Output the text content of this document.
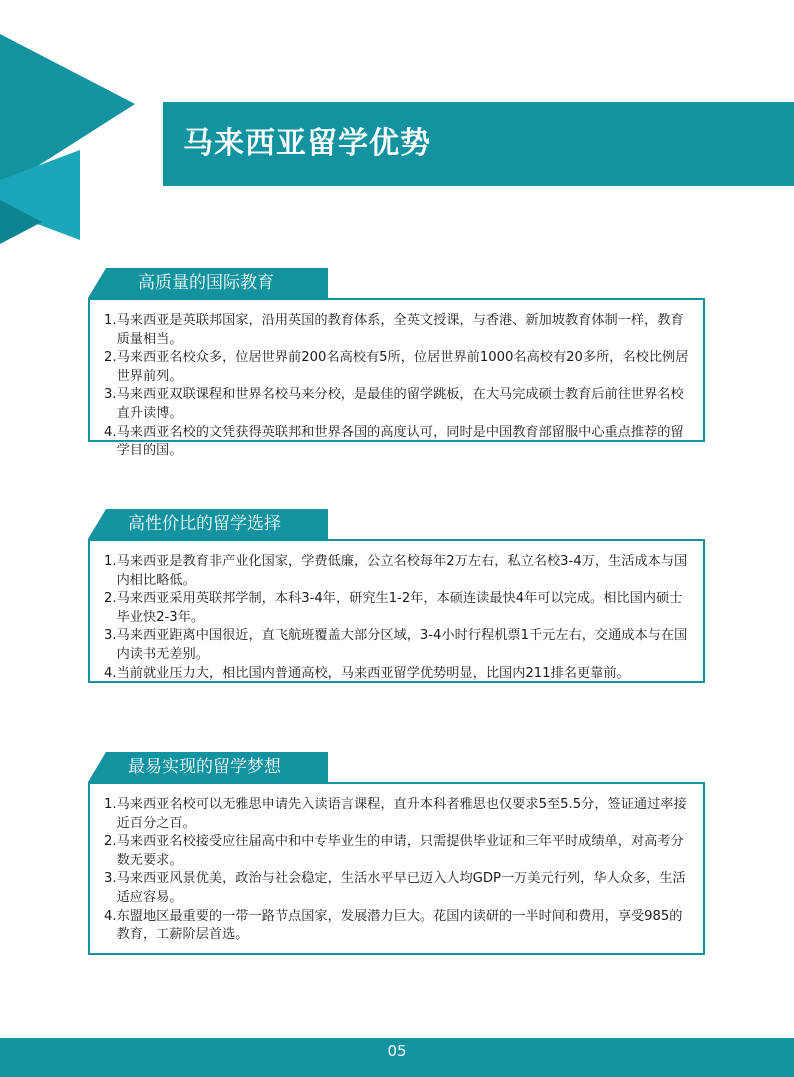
马来西亚留学优势
高质量的国际教育
1. 马来西亚是英联邦国家，沿用英国的教育体系，全英文授课，与香港、新加坡教育体制一样，教育质量相当。
2. 马来西亚名校众多，位居世界前200名高校有5所，位居世界前1000名高校有20多所，名校比例居世界前列。
3. 马来西亚双联课程和世界名校马来分校，是最佳的留学跳板，在大马完成硕士教育后前往世界名校直升读博。
4. 马来西亚名校的文凭获得英联邦和世界各国的高度认可，同时是中国教育部留服中心重点推荐的留学目的国。
高性价比的留学选择
1. 马来西亚是教育非产业化国家，学费低廉，公立名校每年2万左右，私立名校3-4万，生活成本与国内相比略低。
2. 马来西亚采用英联邦学制，本科3-4年，研究生1-2年，本硕连读最快4年可以完成。相比国内硕士毕业快2-3年。
3. 马来西亚距离中国很近，直飞航班覆盖大部分区域，3-4小时行程机票1千元左右，交通成本与在国内读书无差别。
4. 当前就业压力大，相比国内普通高校，马来西亚留学优势明显，比国内211排名更靠前。
最易实现的留学梦想
1. 马来西亚名校可以无雅思申请先入读语言课程，直升本科者雅思也仅要求5至5.5分，签证通过率接近百分之百。
2. 马来西亚名校接受应往届高中和中专毕业生的申请，只需提供毕业证和三年平时成绩单，对高考分数无要求。
3. 马来西亚风景优美，政治与社会稳定，生活水平早已迈入人均GDP一万美元行列，华人众多，生活适应容易。
4. 东盟地区最重要的一带一路节点国家，发展潜力巨大。花国内读研的一半时间和费用，享受985的教育，工薪阶层首选。
05
